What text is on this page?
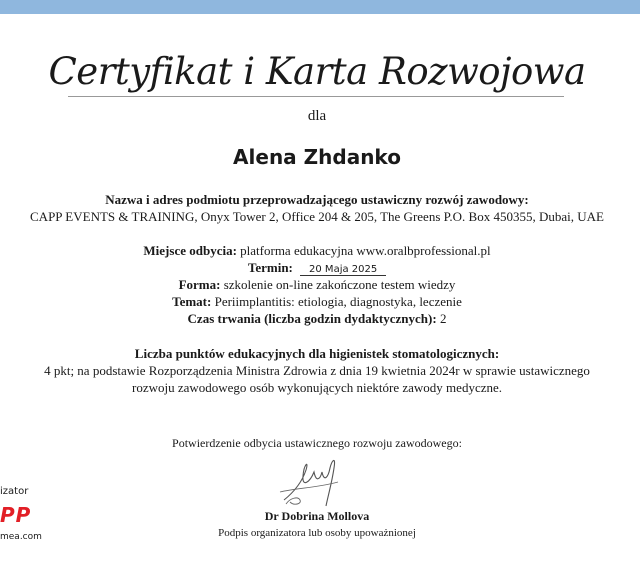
Certyfikat i Karta Rozwojowa
dla
Alena Zhdanko
Nazwa i adres podmiotu przeprowadzającego ustawiczny rozwój zawodowy:
CAPP EVENTS & TRAINING, Onyx Tower 2, Office 204 & 205, The Greens P.O. Box 450355, Dubai, UAE
Miejsce odbycia: platforma edukacyjna www.oralbprofessional.pl
Termin: 20 Maja 2025
Forma: szkolenie on-line zakończone testem wiedzy
Temat: Periimplantitis: etiologia, diagnostyka, leczenie
Czas trwania (liczba godzin dydaktycznych): 2
Liczba punktów edukacyjnych dla higienistek stomatologicznych:
4 pkt; na podstawie Rozporządzenia Ministra Zdrowia z dnia 19 kwietnia 2024r w sprawie ustawicznego
rozwoju zawodowego osób wykonujących niektóre zawody medyczne.
Potwierdzenie odbycia ustawicznego rozwoju zawodowego:
Dr Dobrina Mollova
Podpis organizatora lub osoby upoważnionej
izator
PP
mea.com
